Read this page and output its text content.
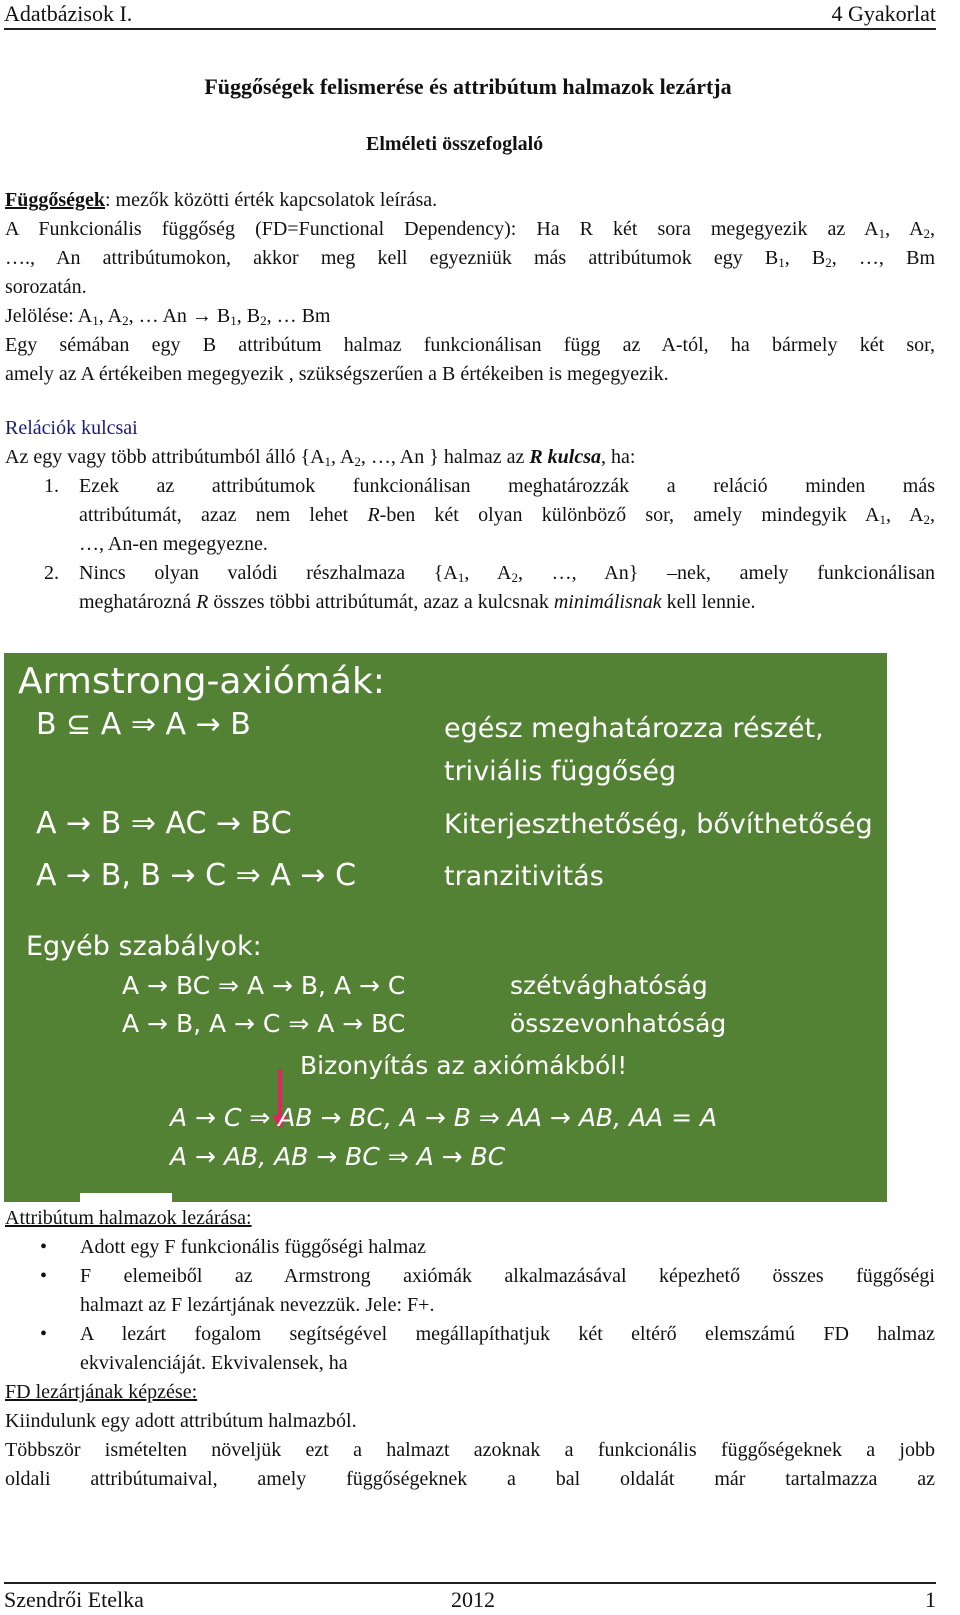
Adatbázisok I.	4 Gyakorlat
Függőségek felismerése és attribútum halmazok lezártja
Elméleti összefoglaló
Függőségek: mezők közötti érték kapcsolatok leírása.
A Funkcionális függőség (FD=Functional Dependency): Ha R két sora megegyezik az $A_1$, $A_2$,
…., An attribútumokon, akkor meg kell egyezniük más attribútumok egy $B_1$, $B_2$, …, Bm
sorozatán.
Jelölése: $A_1$, $A_2$, … $An \to B_1$, $B_2$, … Bm
Egy sémában egy B attribútum halmaz funkcionálisan függ az A-tól, ha bármely két sor,
amely az A értékeiben megegyezik , szükségszerűen a B értékeiben is megegyezik.
Relációk kulcsai
Az egy vagy több attribútumból álló {$A_1$, $A_2$, …, An } halmaz az R kulcsa, ha:
1. Ezek az attribútumok funkcionálisan meghatározzák a reláció minden más
attribútumát, azaz nem lehet R-ben két olyan különböző sor, amely mindegyik $A_1$, $A_2$,
…, An-en megegyezne.
2. Nincs olyan valódi részhalmaza {$A_1$, $A_2$, …, An} –nek, amely funkcionálisan
meghatározná R összes többi attribútumát, azaz a kulcsnak minimálisnak kell lennie.
Armstrong-axiómák:
B ⊆ A ⇒ A → B	egész meghatározza részét,
triviális függőség
A → B ⇒ AC → BC	Kiterjeszthetőség, bővíthetőség
A → B, B → C ⇒ A → C	tranzitivitás
Egyéb szabályok:
A → BC ⇒ A → B, A → C	szétvághatóság
A → B, A → C ⇒ A → BC	összevonhatóság
Bizonyítás az axiómákból!
A → C ⇒ AB → BC, A → B ⇒ AA → AB, AA = A
A → AB, AB → BC ⇒ A → BC
Attribútum halmazok lezárása:
• Adott egy F funkcionális függőségi halmaz
• F elemeiből az Armstrong axiómák alkalmazásával képezhető összes függőségi
halmazt az F lezártjának nevezzük. Jele: F+.
• A lezárt fogalom segítségével megállapíthatjuk két eltérő elemszámú FD halmaz
ekvivalenciáját. Ekvivalensek, ha
FD lezártjának képzése:
Kiindulunk egy adott attribútum halmazból.
Többször ismételten növeljük ezt a halmazt azoknak a funkcionális függőségeknek a jobb
oldali attribútumaival, amely függőségeknek a bal oldalát már tartalmazza az
Szendrői Etelka	2012	1
